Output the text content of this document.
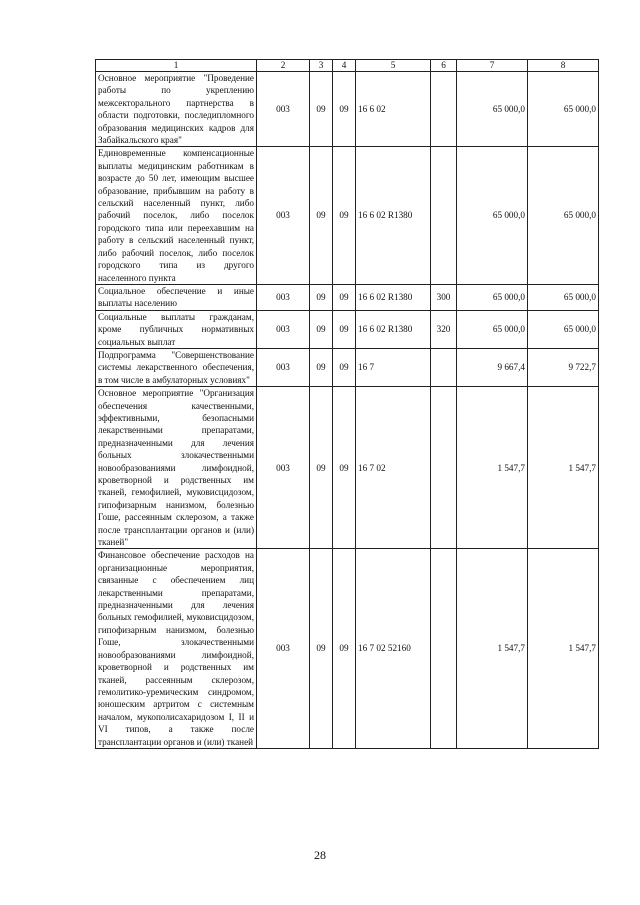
1	2	3	4	5	6	7	8
Основное мероприятие "Проведение работы по укреплению межсекторального партнерства в области подготовки, последипломного образования медицинских кадров для Забайкальского края"	003	09	09	16 6 02		65 000,0	65 000,0
Единовременные компенсационные выплаты медицинским работникам в возрасте до 50 лет, имеющим высшее образование, прибывшим на работу в сельский населенный пункт, либо рабочий поселок, либо поселок городского типа или переехавшим на работу в сельский населенный пункт, либо рабочий поселок, либо поселок городского типа из другого населенного пункта	003	09	09	16 6 02 R1380		65 000,0	65 000,0
Социальное обеспечение и иные выплаты населению	003	09	09	16 6 02 R1380	300	65 000,0	65 000,0
Социальные выплаты гражданам, кроме публичных нормативных социальных выплат	003	09	09	16 6 02 R1380	320	65 000,0	65 000,0
Подпрограмма "Совершенствование системы лекарственного обеспечения, в том числе в амбулаторных условиях"	003	09	09	16 7		9 667,4	9 722,7
Основное мероприятие "Организация обеспечения качественными, эффективными, безопасными лекарственными препаратами, предназначенными для лечения больных злокачественными новообразованиями лимфоидной, кроветворной и родственных им тканей, гемофилией, муковисцидозом, гипофизарным нанизмом, болезнью Гоше, рассеянным склерозом, а также после трансплантации органов и (или) тканей"	003	09	09	16 7 02		1 547,7	1 547,7
Финансовое обеспечение расходов на организационные мероприятия, связанные с обеспечением лиц лекарственными препаратами, предназначенными для лечения больных гемофилией, муковисцидозом, гипофизарным нанизмом, болезнью Гоше, злокачественными новообразованиями лимфоидной, кроветворной и родственных им тканей, рассеянным склерозом, гемолитико-уремическим синдромом, юношеским артритом с системным началом, мукополисахаридозом I, II и VI типов, а также после трансплантации органов и (или) тканей	003	09	09	16 7 02 52160		1 547,7	1 547,7
28
